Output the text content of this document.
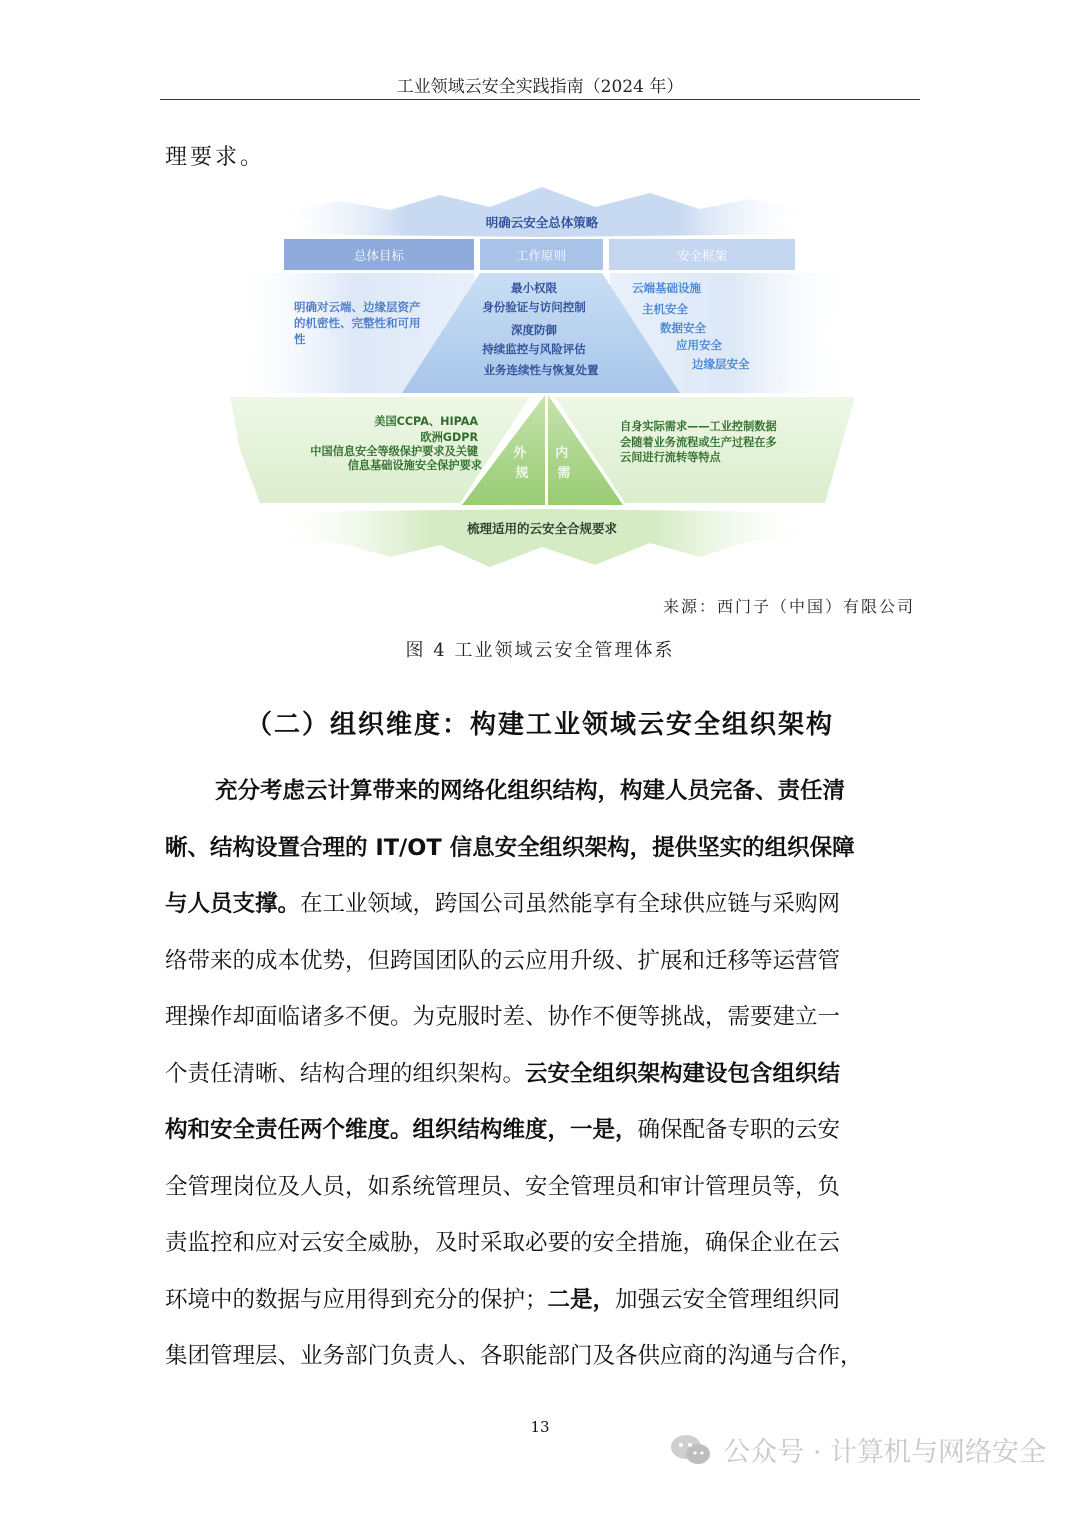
工业领域云安全实践指南（2024 年）
理要求。
明确云安全总体策略
总体目标	工作原则	安全框架
明确对云端、边缘层资产 的机密性、完整性和可用 性
最小权限
身份验证与访问控制
深度防御
持续监控与风险评估
业务连续性与恢复处置
云端基础设施
主机安全
数据安全
应用安全
边缘层安全
美国CCPA、HIPAA 欧洲GDPR 中国信息安全等级保护要求及关键 信息基础设施安全保护要求
自身实际需求——工业控制数据 会随着业务流程或生产过程在多 云间进行流转等特点
外 规
内 需
梳理适用的云安全合规要求
来源：西门子（中国）有限公司
图 4 工业领域云安全管理体系
（二）组织维度：构建工业领域云安全组织架构
充分考虑云计算带来的网络化组织结构，构建人员完备、责任清
晰、结构设置合理的 IT/OT 信息安全组织架构，提供坚实的组织保障
与人员支撑。在工业领域，跨国公司虽然能享有全球供应链与采购网
络带来的成本优势，但跨国团队的云应用升级、扩展和迁移等运营管
理操作却面临诸多不便。为克服时差、协作不便等挑战，需要建立一
个责任清晰、结构合理的组织架构。云安全组织架构建设包含组织结
构和安全责任两个维度。组织结构维度，一是，确保配备专职的云安
全管理岗位及人员，如系统管理员、安全管理员和审计管理员等，负
责监控和应对云安全威胁，及时采取必要的安全措施，确保企业在云
环境中的数据与应用得到充分的保护；二是，加强云安全管理组织同
集团管理层、业务部门负责人、各职能部门及各供应商的沟通与合作，
13
公众号 · 计算机与网络安全
